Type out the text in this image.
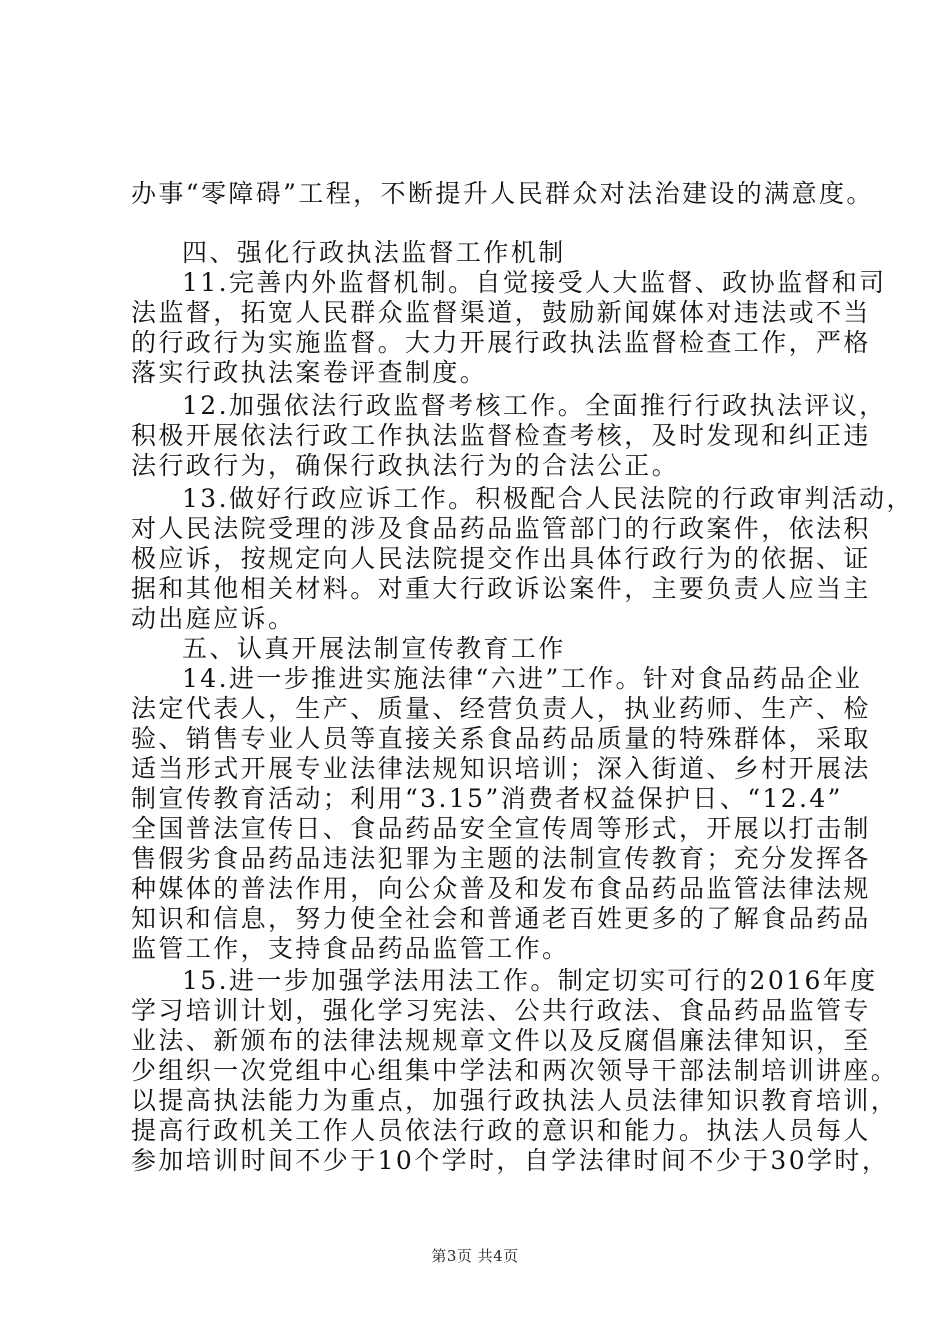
办事“零障碍”工程，不断提升人民群众对法治建设的满意度。
四、强化行政执法监督工作机制
11.完善内外监督机制。自觉接受人大监督、政协监督和司
法监督，拓宽人民群众监督渠道，鼓励新闻媒体对违法或不当
的行政行为实施监督。大力开展行政执法监督检查工作，严格
落实行政执法案卷评查制度。
12.加强依法行政监督考核工作。全面推行行政执法评议，
积极开展依法行政工作执法监督检查考核，及时发现和纠正违
法行政行为，确保行政执法行为的合法公正。
13.做好行政应诉工作。积极配合人民法院的行政审判活动，
对人民法院受理的涉及食品药品监管部门的行政案件，依法积
极应诉，按规定向人民法院提交作出具体行政行为的依据、证
据和其他相关材料。对重大行政诉讼案件，主要负责人应当主
动出庭应诉。
五、认真开展法制宣传教育工作
14.进一步推进实施法律“六进”工作。针对食品药品企业
法定代表人，生产、质量、经营负责人，执业药师、生产、检
验、销售专业人员等直接关系食品药品质量的特殊群体，采取
适当形式开展专业法律法规知识培训；深入街道、乡村开展法
制宣传教育活动；利用“3.15”消费者权益保护日、“12.4”
全国普法宣传日、食品药品安全宣传周等形式，开展以打击制
售假劣食品药品违法犯罪为主题的法制宣传教育；充分发挥各
种媒体的普法作用，向公众普及和发布食品药品监管法律法规
知识和信息，努力使全社会和普通老百姓更多的了解食品药品
监管工作，支持食品药品监管工作。
15.进一步加强学法用法工作。制定切实可行的2016年度
学习培训计划，强化学习宪法、公共行政法、食品药品监管专
业法、新颁布的法律法规规章文件以及反腐倡廉法律知识，至
少组织一次党组中心组集中学法和两次领导干部法制培训讲座。
以提高执法能力为重点，加强行政执法人员法律知识教育培训，
提高行政机关工作人员依法行政的意识和能力。执法人员每人
参加培训时间不少于10个学时，自学法律时间不少于30学时，
第3页 共4页
